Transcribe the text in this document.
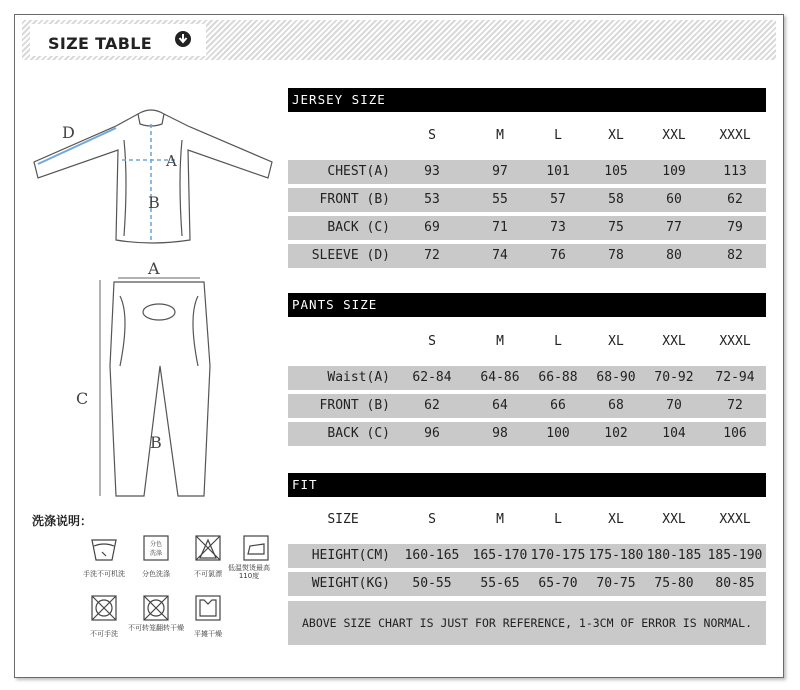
SIZE TABLE
D
A
B
A
C
B
洗涤说明：
分色
洗涤
手洗不可机洗	分色洗涤	不可氯漂
低温熨烫最高110度
不可手洗
不可转笼翻转干燥
平摊干燥
JERSEY SIZE
S	M	L	XL	XXL	XXXL
CHEST(A)	93	97	101	105	109	113
FRONT (B)	53	55	57	58	60	62
BACK (C)	69	71	73	75	77	79
SLEEVE (D)	72	74	76	78	80	82
PANTS SIZE
S	M	L	XL	XXL	XXXL
Waist(A)	62-84	64-86	66-88	68-90	70-92	72-94
FRONT (B)	62	64	66	68	70	72
BACK (C)	96	98	100	102	104	106
FIT
SIZE	S	M	L	XL	XXL	XXXL
HEIGHT(CM) 160-165 165-170 170-175 175-180 180-185 185-190
WEIGHT(KG)	50-55	55-65	65-70	70-75	75-80	80-85
ABOVE SIZE CHART IS JUST FOR REFERENCE, 1-3CM OF ERROR IS NORMAL.
